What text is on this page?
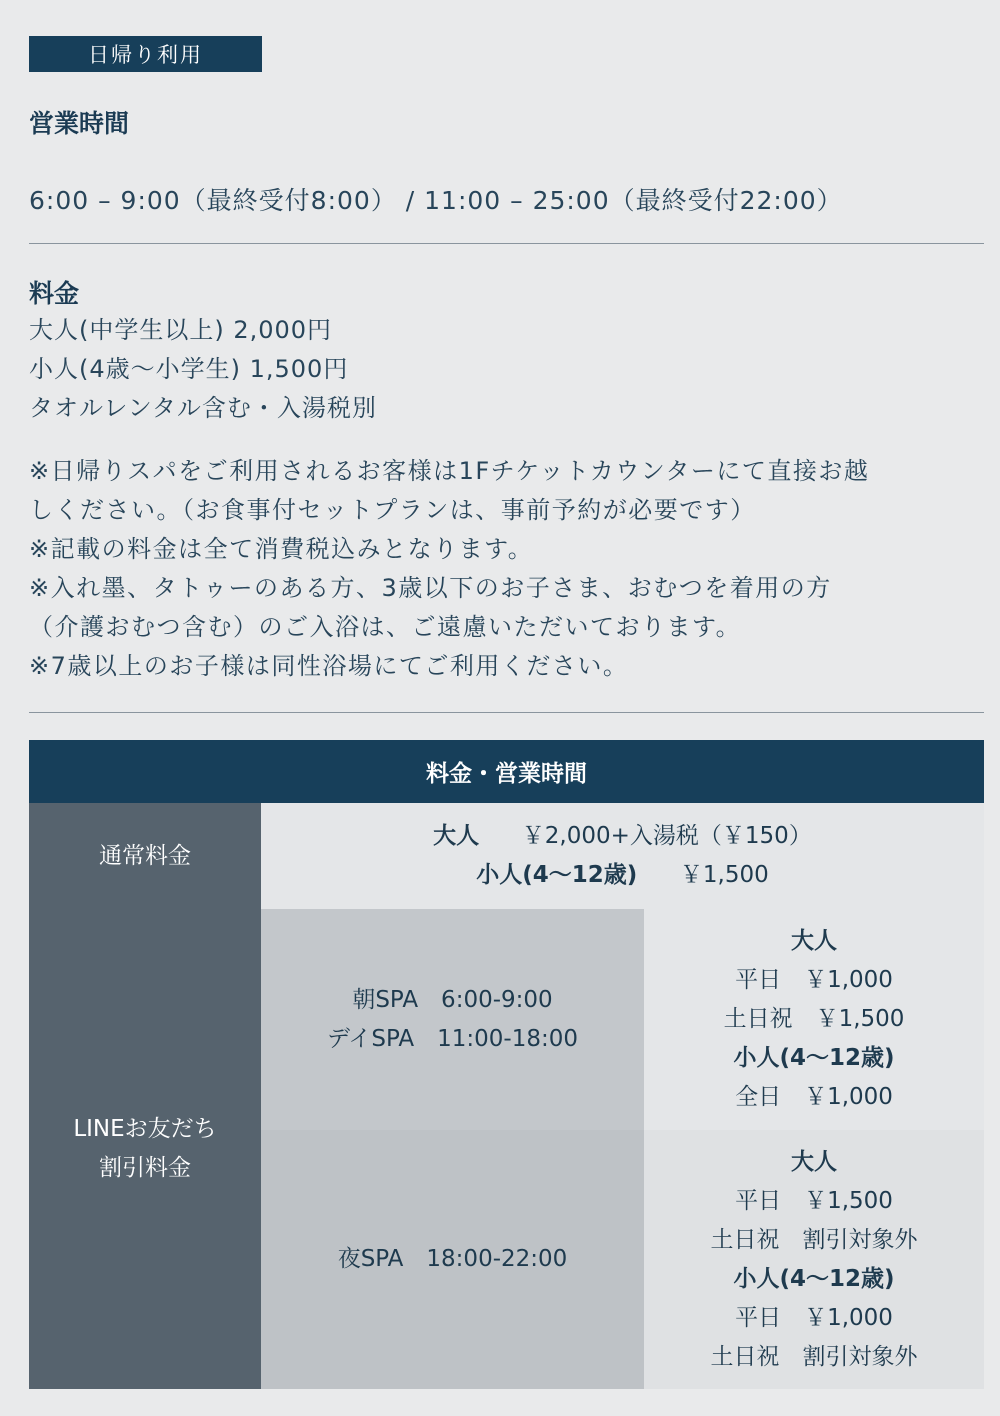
日帰り利用
営業時間
6:00 – 9:00（最終受付8:00） / 11:00 – 25:00（最終受付22:00）
料金
大人(中学生以上) 2,000円
小人(4歳〜小学生) 1,500円
タオルレンタル含む・入湯税別
※日帰りスパをご利用されるお客様は1Fチケットカウンターにて直接お越
しください。（お食事付セットプランは、事前予約が必要です）
※記載の料金は全て消費税込みとなります。
※入れ墨、タトゥーのある方、3歳以下のお子さま、おむつを着用の方
（介護おむつ含む）のご入浴は、ご遠慮いただいております。
※7歳以上のお子様は同性浴場にてご利用ください。
料金・営業時間
通常料金
LINEお友だち
割引料金
大人 ￥2,000+入湯税（￥150）
小人(4〜12歳) ￥1,500
朝SPA　6:00-9:00
デイSPA　11:00-18:00
大人
平日　￥1,000
土日祝　￥1,500
小人(4〜12歳)
全日　￥1,000
夜SPA　18:00-22:00
大人
平日　￥1,500
土日祝　割引対象外
小人(4〜12歳)
平日　￥1,000
土日祝　割引対象外
